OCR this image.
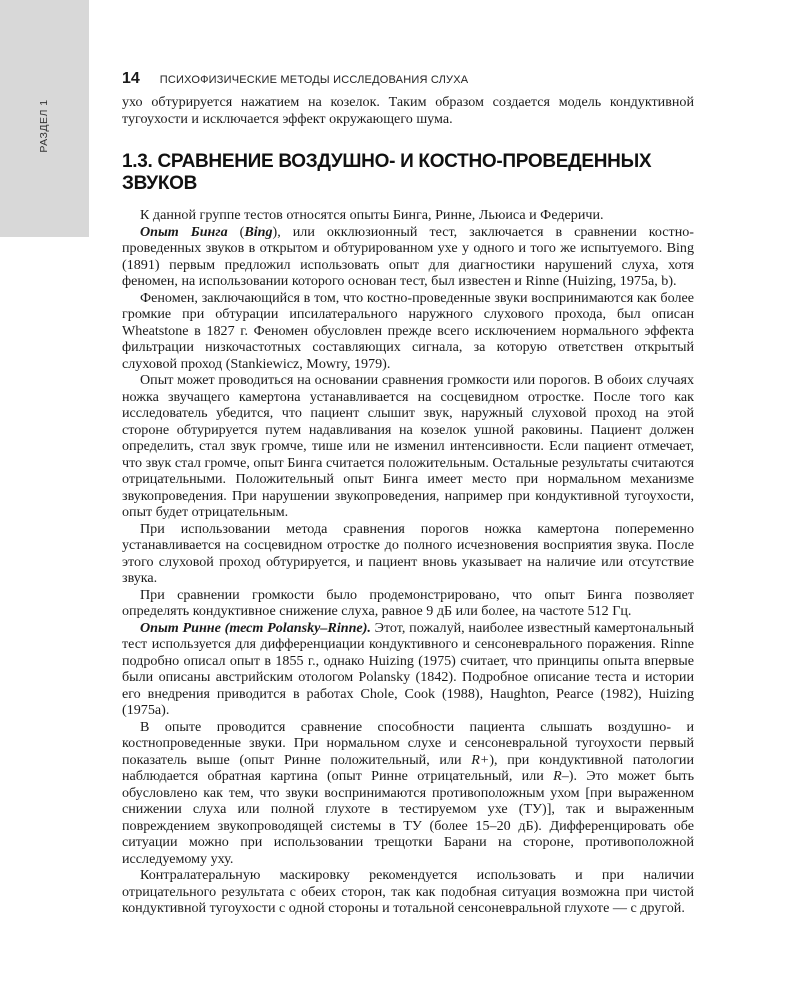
РАЗДЕЛ 1
14 ПСИХОФИЗИЧЕСКИЕ МЕТОДЫ ИССЛЕДОВАНИЯ СЛУХА

ухо обтурируется нажатием на козелок. Таким образом создается модель кондуктивной тугоухости и исключается эффект окружающего шума.

1.3. СРАВНЕНИЕ ВОЗДУШНО- И КОСТНО-ПРОВЕДЕННЫХ ЗВУКОВ

К данной группе тестов относятся опыты Бинга, Ринне, Льюиса и Федеричи.

Опыт Бинга (Bing), или окклюзионный тест, заключается в сравнении костно-проведенных звуков в открытом и обтурированном ухе у одного и того же испытуемого. Bing (1891) первым предложил использовать опыт для диагностики нарушений слуха, хотя феномен, на использовании которого основан тест, был известен и Rinne (Huizing, 1975a, b).

Феномен, заключающийся в том, что костно-проведенные звуки воспринимаются как более громкие при обтурации ипсилатерального наружного слухового прохода, был описан Wheatstone в 1827 г. Феномен обусловлен прежде всего исключением нормального эффекта фильтрации низкочастотных составляющих сигнала, за которую ответствен открытый слуховой проход (Stankiewicz, Mowry, 1979).

Опыт может проводиться на основании сравнения громкости или порогов. В обоих случаях ножка звучащего камертона устанавливается на сосцевидном отростке. После того как исследователь убедится, что пациент слышит звук, наружный слуховой проход на этой стороне обтурируется путем надавливания на козелок ушной раковины. Пациент должен определить, стал звук громче, тише или не изменил интенсивности. Если пациент отмечает, что звук стал громче, опыт Бинга считается положительным. Остальные результаты считаются отрицательными. Положительный опыт Бинга имеет место при нормальном механизме звукопроведения. При нарушении звукопроведения, например при кондуктивной тугоухости, опыт будет отрицательным.

При использовании метода сравнения порогов ножка камертона попеременно устанавливается на сосцевидном отростке до полного исчезновения восприятия звука. После этого слуховой проход обтурируется, и пациент вновь указывает на наличие или отсутствие звука.

При сравнении громкости было продемонстрировано, что опыт Бинга позволяет определять кондуктивное снижение слуха, равное 9 дБ или более, на частоте 512 Гц.

Опыт Ринне (тест Polansky–Rinne). Этот, пожалуй, наиболее известный камертональный тест используется для дифференциации кондуктивного и сенсоневрального поражения. Rinne подробно описал опыт в 1855 г., однако Huizing (1975) считает, что принципы опыта впервые были описаны австрийским отологом Polansky (1842). Подробное описание теста и истории его внедрения приводится в работах Chole, Cook (1988), Haughton, Pearce (1982), Huizing (1975a).

В опыте проводится сравнение способности пациента слышать воздушно- и костнопроведенные звуки. При нормальном слухе и сенсоневральной тугоухости первый показатель выше (опыт Ринне положительный, или R+), при кондуктивной патологии наблюдается обратная картина (опыт Ринне отрицательный, или R–). Это может быть обусловлено как тем, что звуки воспринимаются противоположным ухом [при выраженном снижении слуха или полной глухоте в тестируемом ухе (ТУ)], так и выраженным повреждением звукопроводящей системы в ТУ (более 15–20 дБ). Дифференцировать обе ситуации можно при использовании трещотки Барани на стороне, противоположной исследуемому уху.

Контралатеральную маскировку рекомендуется использовать и при наличии отрицательного результата с обеих сторон, так как подобная ситуация возможна при чистой кондуктивной тугоухости с одной стороны и тотальной сенсоневральной глухоте — с другой.
